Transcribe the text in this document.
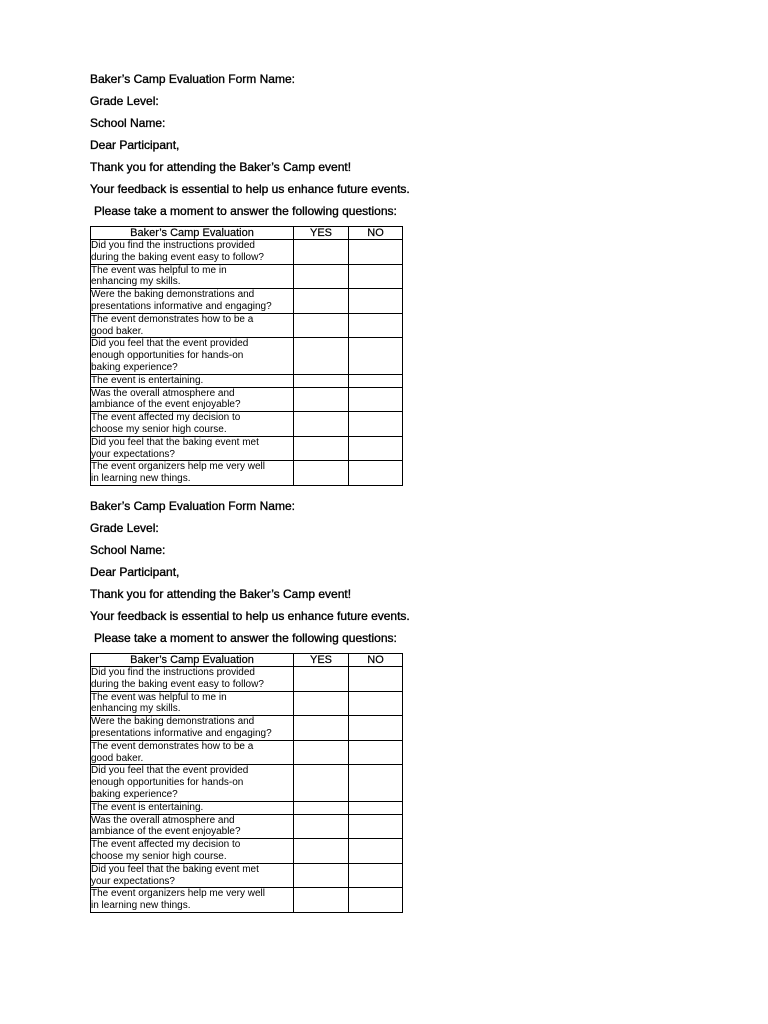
Baker’s Camp Evaluation Form Name:
Grade Level:
School Name:
Dear Participant,
Thank you for attending the Baker’s Camp event!
Your feedback is essential to help us enhance future events.
Please take a moment to answer the following questions:
Baker’s Camp Evaluation	YES	NO

Did you find the instructions provided
during the baking event easy to follow?		

The event was helpful to me in
enhancing my skills.		

Were the baking demonstrations and
presentations informative and engaging?		

The event demonstrates how to be a
good baker.		

Did you feel that the event provided
enough opportunities for hands-on
baking experience?		

The event is entertaining.		

Was the overall atmosphere and
ambiance of the event enjoyable?		

The event affected my decision to
choose my senior high course.		

Did you feel that the baking event met
your expectations?		

The event organizers help me very well
in learning new things.		

Baker’s Camp Evaluation Form Name:
Grade Level:
School Name:
Dear Participant,
Thank you for attending the Baker’s Camp event!
Your feedback is essential to help us enhance future events.
Please take a moment to answer the following questions:
Baker’s Camp Evaluation	YES	NO

Did you find the instructions provided
during the baking event easy to follow?		

The event was helpful to me in
enhancing my skills.		

Were the baking demonstrations and
presentations informative and engaging?		

The event demonstrates how to be a
good baker.		

Did you feel that the event provided
enough opportunities for hands-on
baking experience?		

The event is entertaining.		

Was the overall atmosphere and
ambiance of the event enjoyable?		

The event affected my decision to
choose my senior high course.		

Did you feel that the baking event met
your expectations?		

The event organizers help me very well
in learning new things.		
